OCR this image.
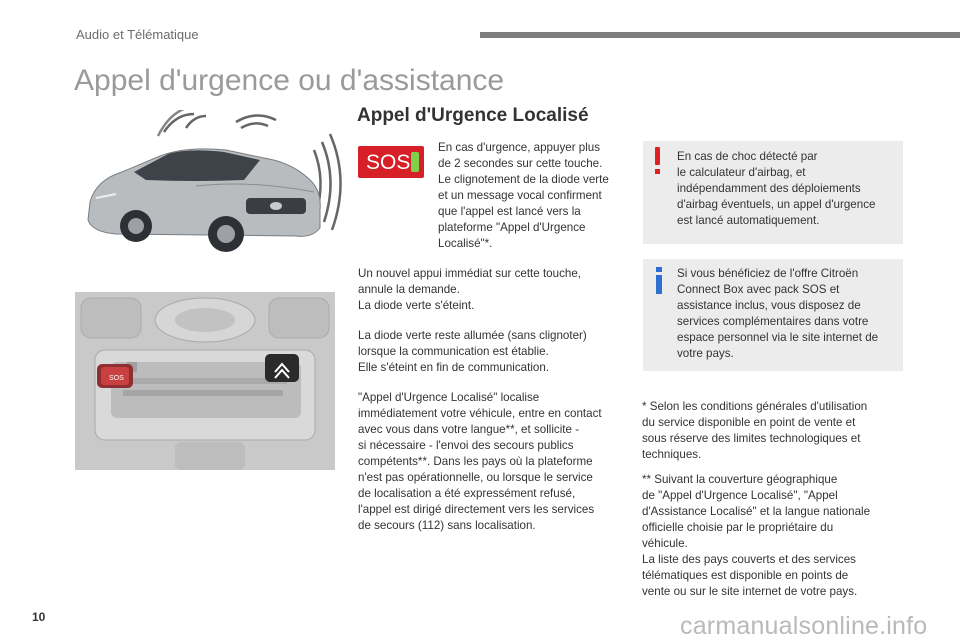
Audio et Télématique
Appel d'urgence ou d'assistance
SOS
Appel d'Urgence Localisé
SOS
En cas d'urgence, appuyer plus
de 2 secondes sur cette touche.
Le clignotement de la diode verte
et un message vocal confirment
que l'appel est lancé vers la
plateforme "Appel d'Urgence
Localisé"*.
Un nouvel appui immédiat sur cette touche,
annule la demande.
La diode verte s'éteint.
La diode verte reste allumée (sans clignoter)
lorsque la communication est établie.
Elle s'éteint en fin de communication.
"Appel d'Urgence Localisé" localise
immédiatement votre véhicule, entre en contact
avec vous dans votre langue**, et sollicite -
si nécessaire - l'envoi des secours publics
compétents**. Dans les pays où la plateforme
n'est pas opérationnelle, ou lorsque le service
de localisation a été expressément refusé,
l'appel est dirigé directement vers les services
de secours (112) sans localisation.
En cas de choc détecté par
le calculateur d'airbag, et
indépendamment des déploiements
d'airbag éventuels, un appel d'urgence
est lancé automatiquement.
Si vous bénéficiez de l'offre Citroën
Connect Box avec pack SOS et
assistance inclus, vous disposez de
services complémentaires dans votre
espace personnel via le site internet de
votre pays.
* Selon les conditions générales d'utilisation
du service disponible en point de vente et
sous réserve des limites technologiques et
techniques.
** Suivant la couverture géographique
de "Appel d'Urgence Localisé", "Appel
d'Assistance Localisé" et la langue nationale
officielle choisie par le propriétaire du
véhicule.
La liste des pays couverts et des services
télématiques est disponible en points de
vente ou sur le site internet de votre pays.
10	carmanualsonline.info
